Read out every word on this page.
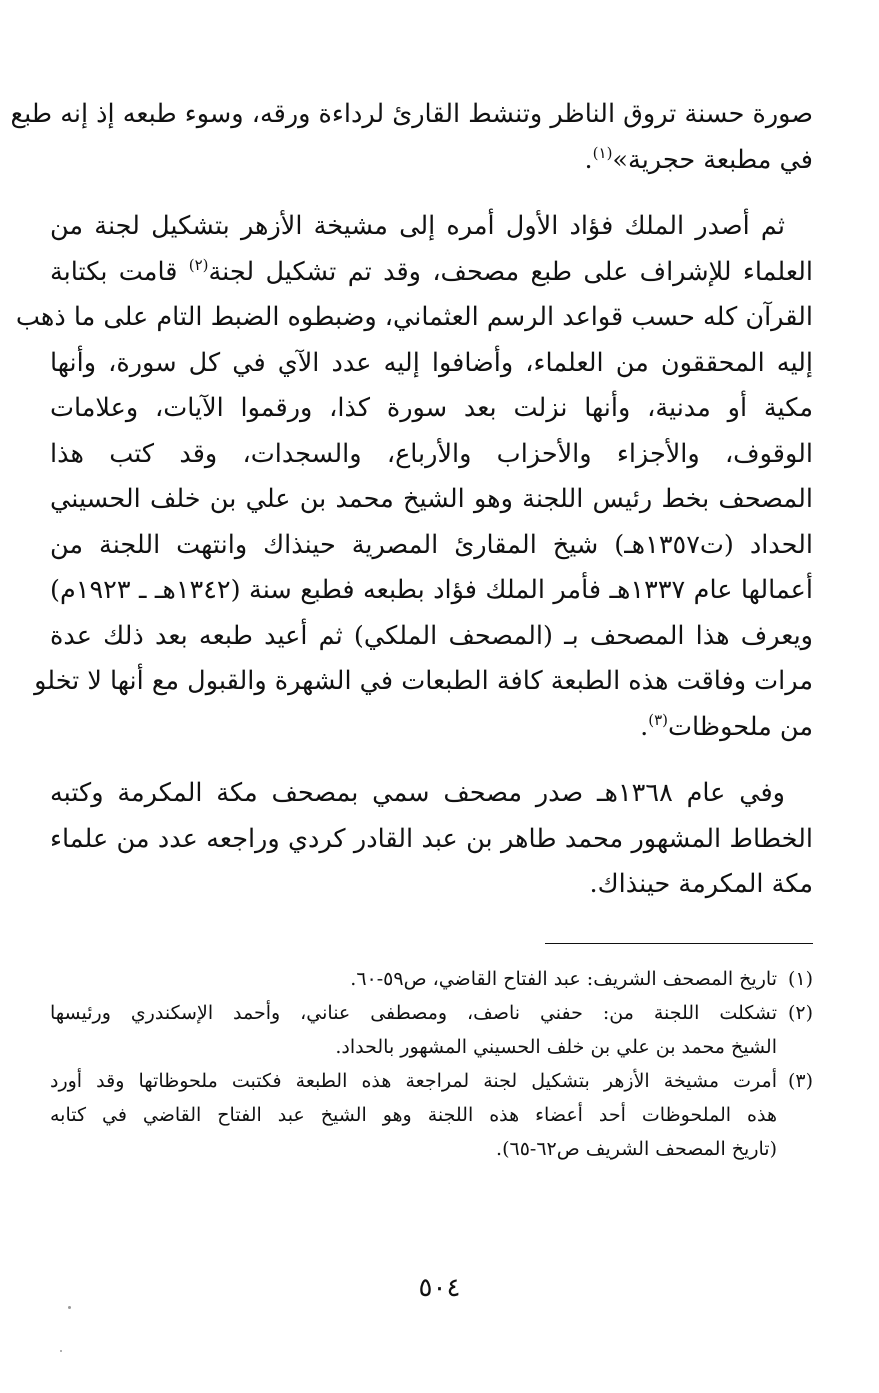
صورة حسنة تروق الناظر وتنشط القارئ لرداءة ورقه، وسوء طبعه إذ إنه طبع
في مطبعة حجرية»$^{(١)}$.
ثم أصدر الملك فؤاد الأول أمره إلى مشيخة الأزهر بتشكيل لجنة من
العلماء للإشراف على طبع مصحف، وقد تم تشكيل لجنة$^{(٢)}$ قامت بكتابة
القرآن كله حسب قواعد الرسم العثماني، وضبطوه الضبط التام على ما ذهب
إليه المحققون من العلماء، وأضافوا إليه عدد الآي في كل سورة، وأنها
مكية أو مدنية، وأنها نزلت بعد سورة كذا، ورقموا الآيات، وعلامات
الوقوف، والأجزاء والأحزاب والأرباع، والسجدات، وقد كتب هذا
المصحف بخط رئيس اللجنة وهو الشيخ محمد بن علي بن خلف الحسيني
الحداد (ت١٣٥٧هـ) شيخ المقارئ المصرية حينذاك وانتهت اللجنة من
أعمالها عام ١٣٣٧هـ فأمر الملك فؤاد بطبعه فطبع سنة (١٣٤٢هـ ـ ١٩٢٣م)
ويعرف هذا المصحف بـ (المصحف الملكي) ثم أعيد طبعه بعد ذلك عدة
مرات وفاقت هذه الطبعة كافة الطبعات في الشهرة والقبول مع أنها لا تخلو
من ملحوظات$^{(٣)}$.
وفي عام ١٣٦٨هـ صدر مصحف سمي بمصحف مكة المكرمة وكتبه
الخطاط المشهور محمد طاهر بن عبد القادر كردي وراجعه عدد من علماء
مكة المكرمة حينذاك.
(١)
تاريخ المصحف الشريف: عبد الفتاح القاضي، ص٥٩-٦٠.
(٢)
تشكلت اللجنة من: حفني ناصف، ومصطفى عناني، وأحمد الإسكندري ورئيسها
الشيخ محمد بن علي بن خلف الحسيني المشهور بالحداد.
(٣)
أمرت مشيخة الأزهر بتشكيل لجنة لمراجعة هذه الطبعة فكتبت ملحوظاتها وقد أورد
هذه الملحوظات أحد أعضاء هذه اللجنة وهو الشيخ عبد الفتاح القاضي في كتابه
(تاريخ المصحف الشريف ص٦٢-٦٥).
٥٠٤
